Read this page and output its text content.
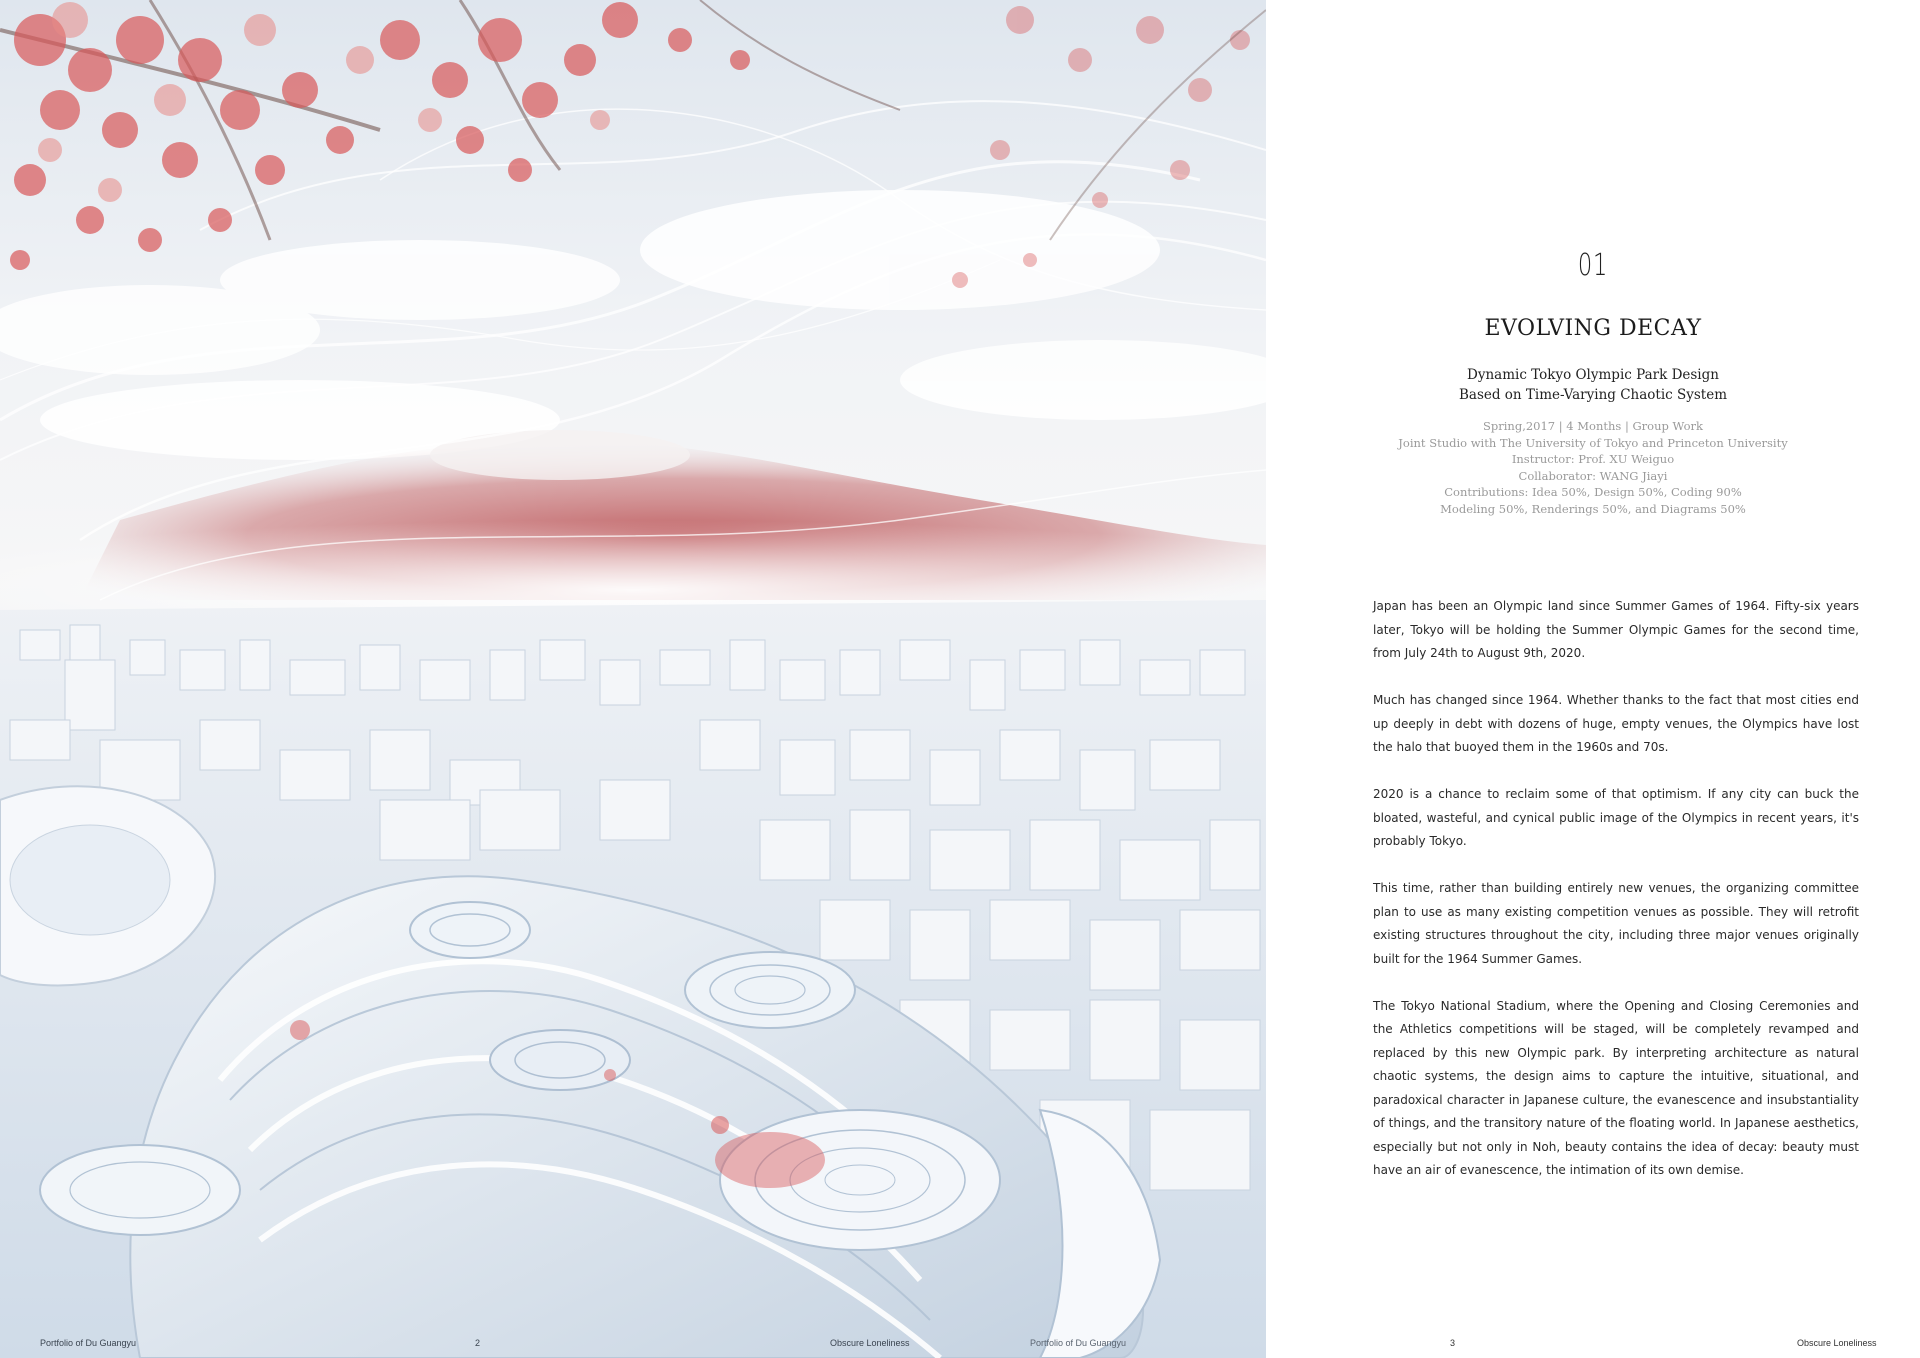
Portfolio of Du Guangyu	2	Obscure Loneliness	Portfolio of Du Guangyu
01
EVOLVING DECAY
Dynamic Tokyo Olympic Park Design
Based on Time-Varying Chaotic System
Spring,2017 | 4 Months | Group Work
Joint Studio with The University of Tokyo and Princeton University
Instructor: Prof. XU Weiguo
Collaborator: WANG Jiayi
Contributions: Idea 50%, Design 50%, Coding 90%
Modeling 50%, Renderings 50%, and Diagrams 50%

Japan has been an Olympic land since Summer Games of 1964. Fifty-six years later, Tokyo will be holding the Summer Olympic Games for the second time, from July 24th to August 9th, 2020.

Much has changed since 1964. Whether thanks to the fact that most cities end up deeply in debt with dozens of huge, empty venues, the Olympics have lost the halo that buoyed them in the 1960s and 70s.

2020 is a chance to reclaim some of that optimism. If any city can buck the bloated, wasteful, and cynical public image of the Olympics in recent years, it's probably Tokyo.

This time, rather than building entirely new venues, the organizing committee plan to use as many existing competition venues as possible. They will retrofit existing structures throughout the city, including three major venues originally built for the 1964 Summer Games.

The Tokyo National Stadium, where the Opening and Closing Ceremonies and the Athletics competitions will be staged, will be completely revamped and replaced by this new Olympic park. By interpreting architecture as natural chaotic systems, the design aims to capture the intuitive, situational, and paradoxical character in Japanese culture, the evanescence and insubstantiality of things, and the transitory nature of the floating world. In Japanese aesthetics, especially but not only in Noh, beauty contains the idea of decay: beauty must have an air of evanescence, the intimation of its own demise.

3	Obscure Loneliness
